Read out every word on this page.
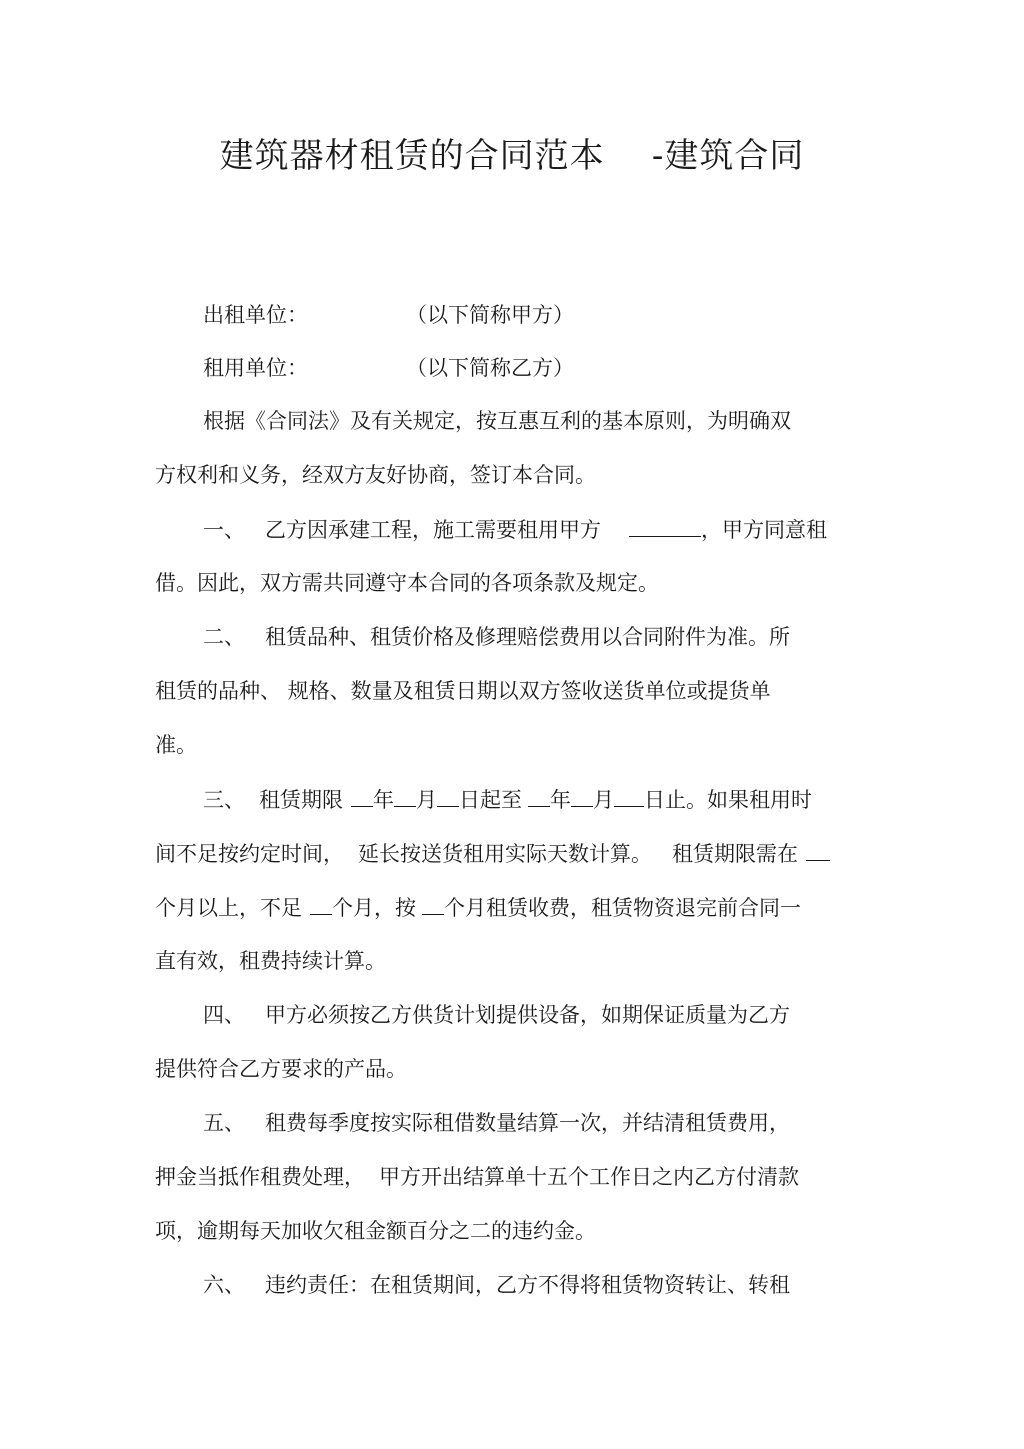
建筑器材租赁的合同范本    -建筑合同
出租单位：	（以下简称甲方）
租用单位：	（以下简称乙方）
根据《合同法》及有关规定，按互惠互利的基本原则，为明确双
方权利和义务，经双方友好协商，签订本合同。
一、 乙方因承建工程，施工需要租用甲方	，甲方同意租
借。因此，双方需共同遵守本合同的各项条款及规定。
二、 租赁品种、租赁价格及修理赔偿费用以合同附件为准。所
租赁的品种、 规格、数量及租赁日期以双方签收送货单位或提货单
准。
三、 租赁期限 年 月 日起至 年 月 日止。如果租用时
间不足按约定时间， 延长按送货租用实际天数计算。 租赁期限需在
个月以上，不足 个月，按 个月租赁收费，租赁物资退完前合同一
直有效，租费持续计算。
四、 甲方必须按乙方供货计划提供设备，如期保证质量为乙方
提供符合乙方要求的产品。
五、 租费每季度按实际租借数量结算一次，并结清租赁费用，
押金当抵作租费处理， 甲方开出结算单十五个工作日之内乙方付清款
项，逾期每天加收欠租金额百分之二的违约金。
六、 违约责任：在租赁期间，乙方不得将租赁物资转让、转租
